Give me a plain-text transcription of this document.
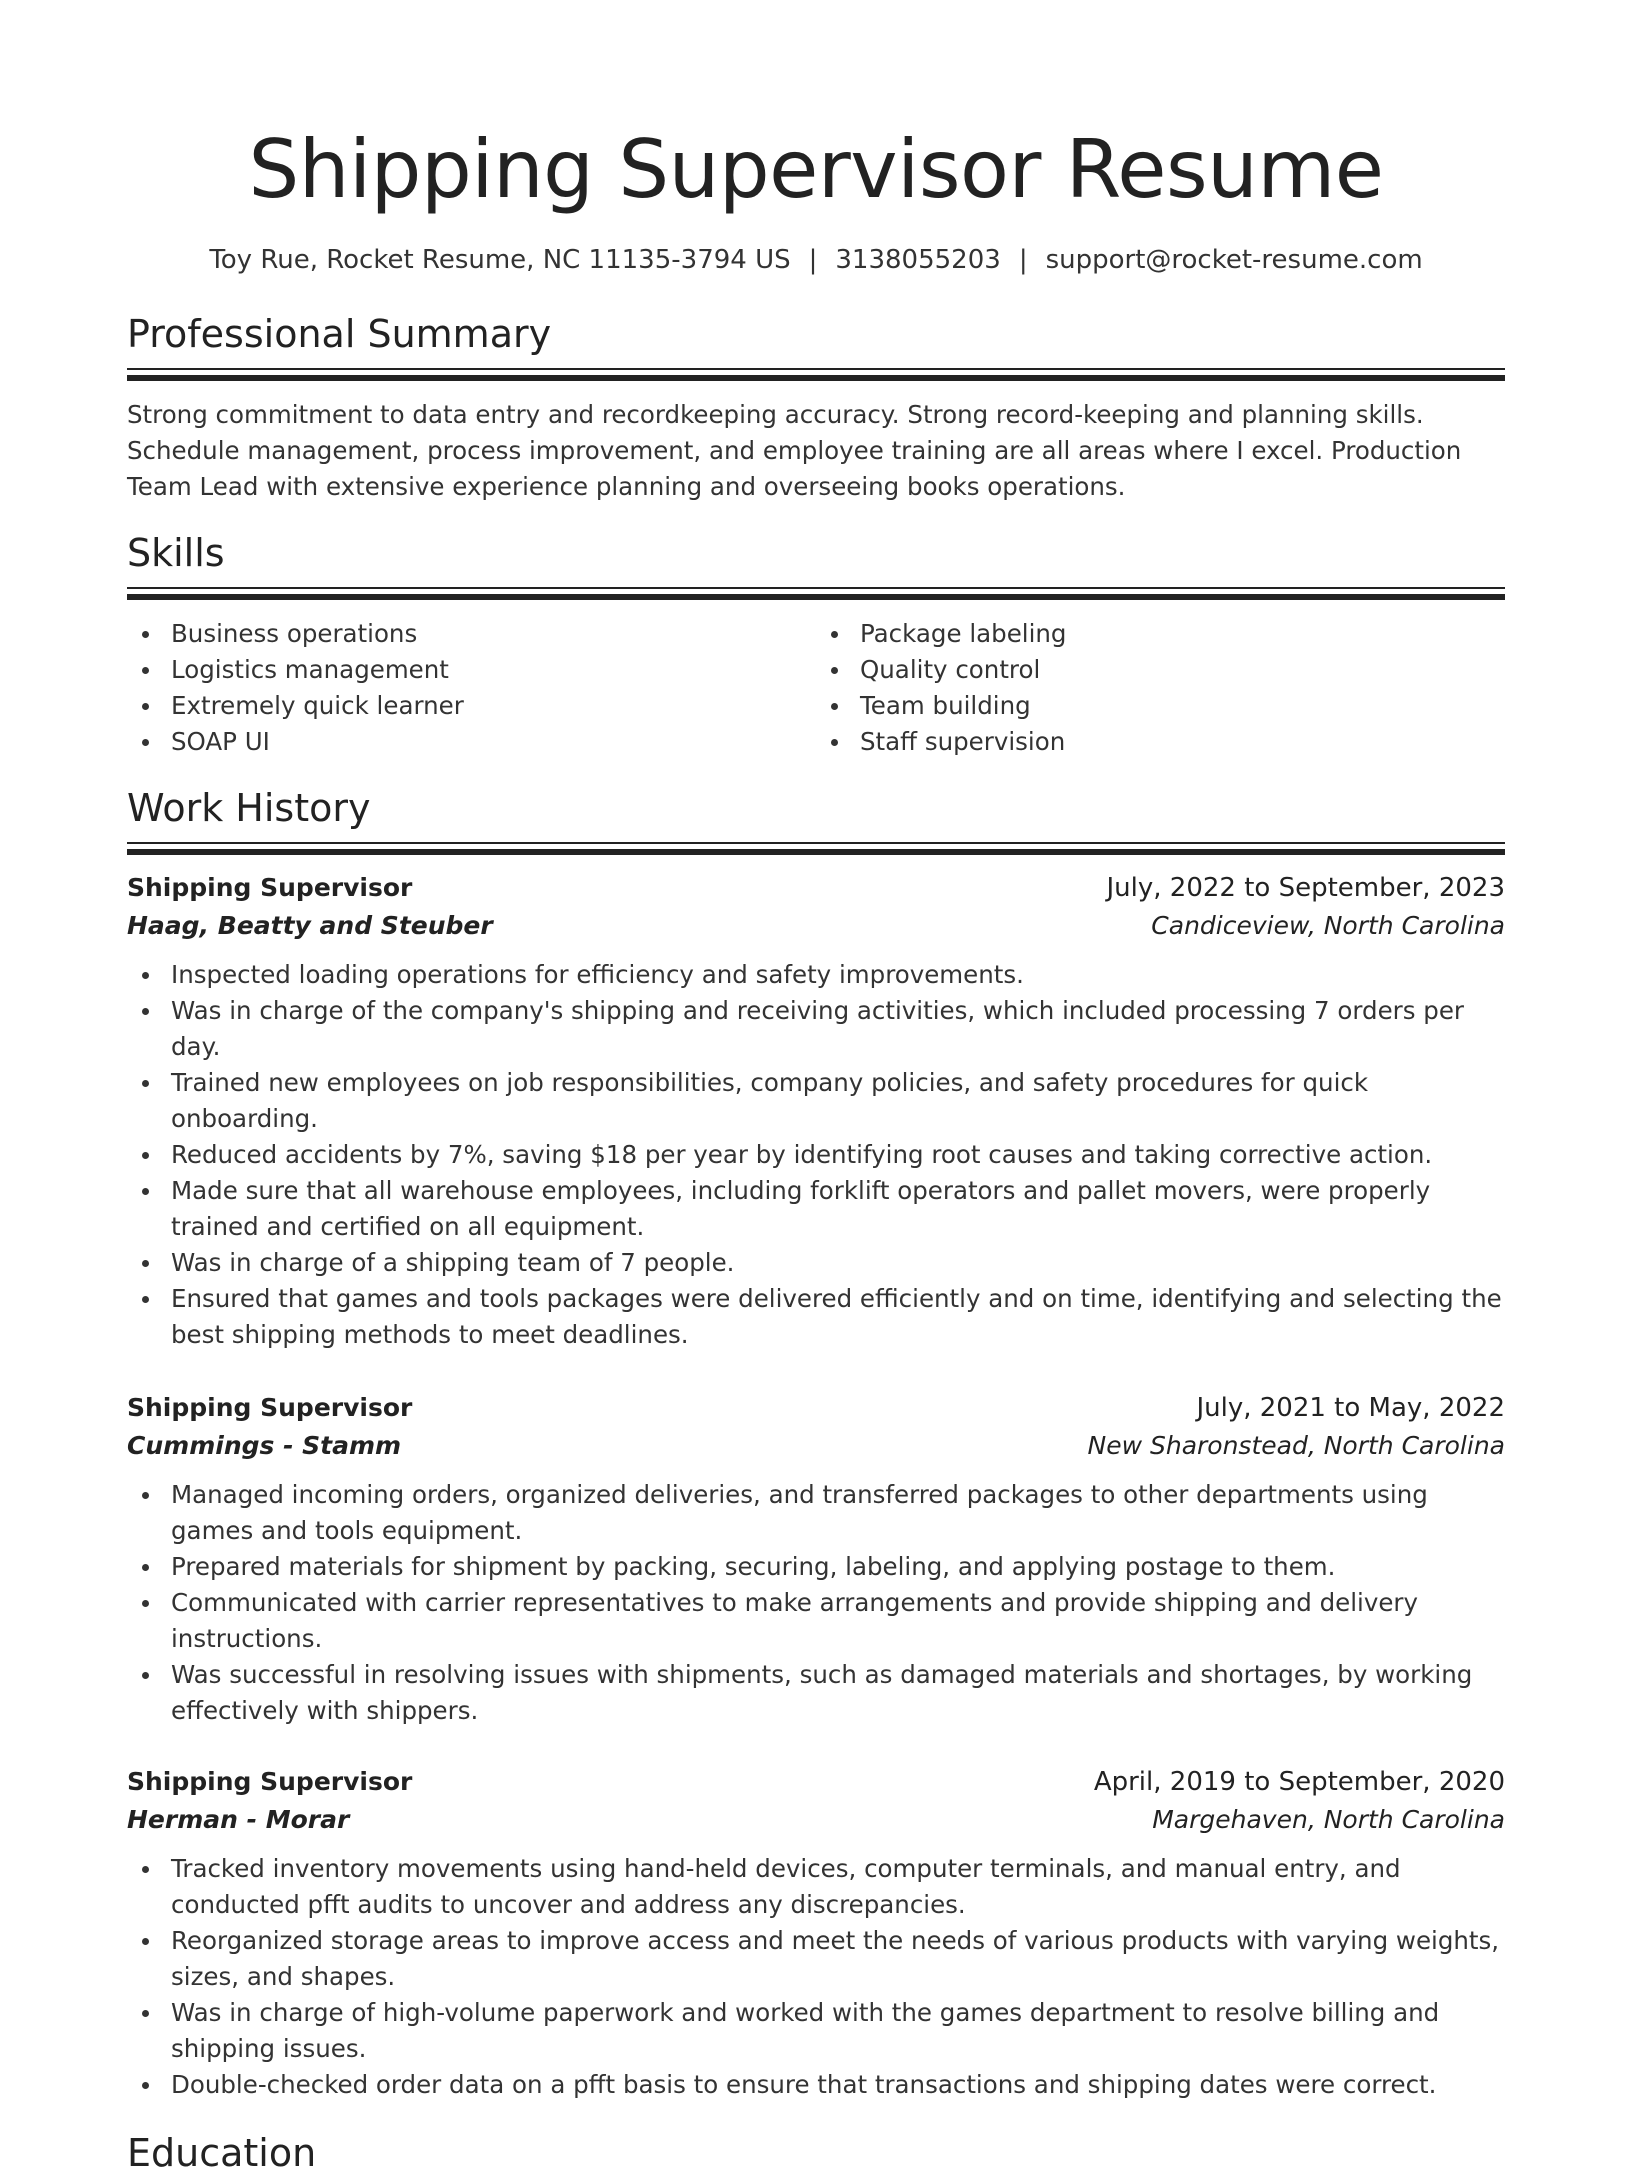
Shipping Supervisor Resume
Toy Rue, Rocket Resume, NC 11135-3794 US | 3138055203 | support@rocket-resume.com
Professional Summary

Strong commitment to data entry and recordkeeping accuracy. Strong record-keeping and planning skills. Schedule management, process improvement, and employee training are all areas where I excel. Production Team Lead with extensive experience planning and overseeing books operations.

Skills
Business operations
Logistics management
Extremely quick learner
SOAP UI
Package labeling
Quality control
Team building
Staff supervision
Work History
Shipping Supervisor	July, 2022 to September, 2023
Haag, Beatty and Steuber	Candiceview, North Carolina
Inspected loading operations for efficiency and safety improvements.
Was in charge of the company's shipping and receiving activities, which included processing 7 orders per day.
Trained new employees on job responsibilities, company policies, and safety procedures for quick onboarding.
Reduced accidents by 7%, saving $18 per year by identifying root causes and taking corrective action.
Made sure that all warehouse employees, including forklift operators and pallet movers, were properly trained and certified on all equipment.
Was in charge of a shipping team of 7 people.
Ensured that games and tools packages were delivered efficiently and on time, identifying and selecting the best shipping methods to meet deadlines.
Shipping Supervisor	July, 2021 to May, 2022
Cummings - Stamm	New Sharonstead, North Carolina
Managed incoming orders, organized deliveries, and transferred packages to other departments using games and tools equipment.
Prepared materials for shipment by packing, securing, labeling, and applying postage to them.
Communicated with carrier representatives to make arrangements and provide shipping and delivery instructions.
Was successful in resolving issues with shipments, such as damaged materials and shortages, by working effectively with shippers.
Shipping Supervisor	April, 2019 to September, 2020
Herman - Morar	Margehaven, North Carolina
Tracked inventory movements using hand-held devices, computer terminals, and manual entry, and conducted pfft audits to uncover and address any discrepancies.
Reorganized storage areas to improve access and meet the needs of various products with varying weights, sizes, and shapes.
Was in charge of high-volume paperwork and worked with the games department to resolve billing and shipping issues.
Double-checked order data on a pfft basis to ensure that transactions and shipping dates were correct.
Education
